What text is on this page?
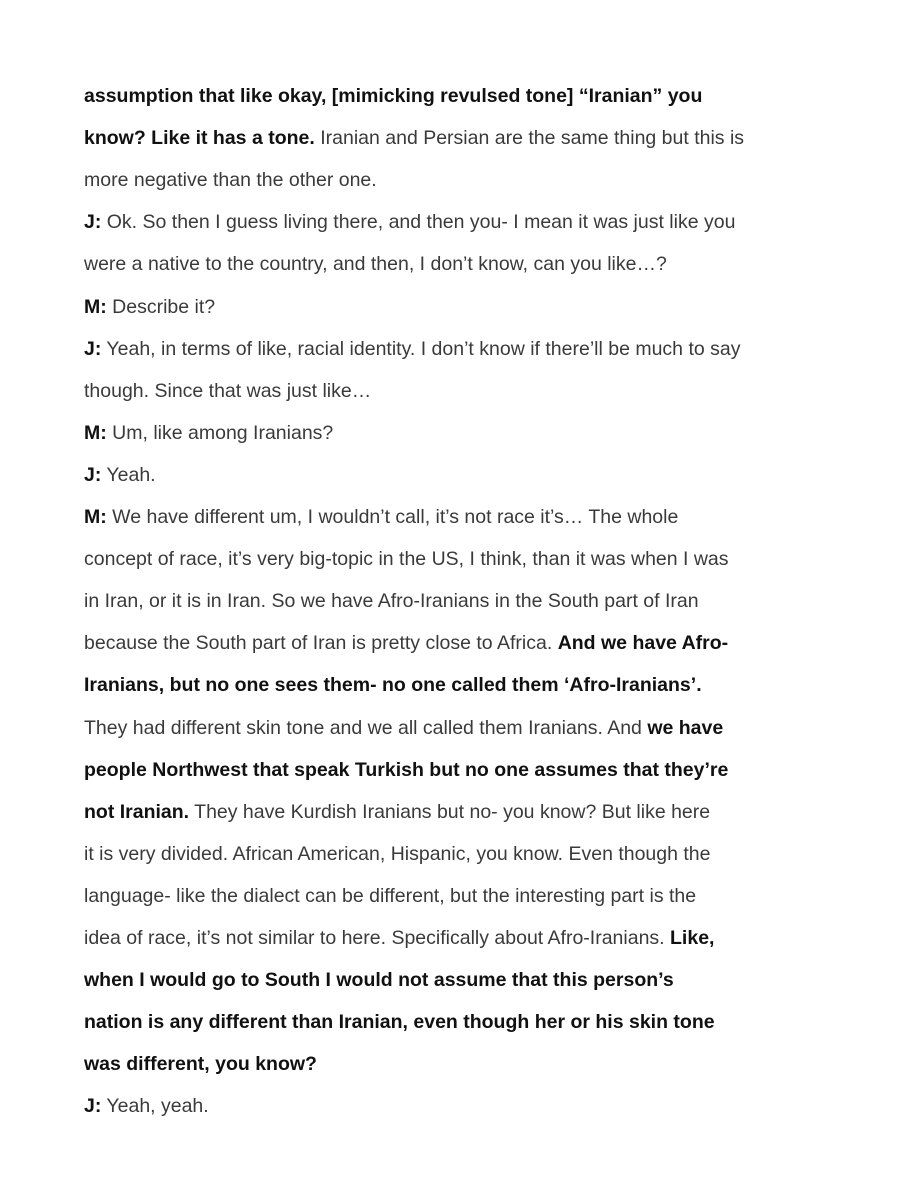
assumption that like okay, [mimicking revulsed tone] “Iranian” you
know? Like it has a tone. Iranian and Persian are the same thing but this is
more negative than the other one.
J: Ok. So then I guess living there, and then you- I mean it was just like you
were a native to the country, and then, I don’t know, can you like…?
M: Describe it?
J: Yeah, in terms of like, racial identity. I don’t know if there’ll be much to say
though. Since that was just like…
M: Um, like among Iranians?
J: Yeah.
M: We have different um, I wouldn’t call, it’s not race it’s… The whole
concept of race, it’s very big-topic in the US, I think, than it was when I was
in Iran, or it is in Iran. So we have Afro-Iranians in the South part of Iran
because the South part of Iran is pretty close to Africa. And we have Afro-
Iranians, but no one sees them- no one called them ‘Afro-Iranians’.
They had different skin tone and we all called them Iranians. And we have
people Northwest that speak Turkish but no one assumes that they’re
not Iranian. They have Kurdish Iranians but no- you know? But like here
it is very divided. African American, Hispanic, you know. Even though the
language- like the dialect can be different, but the interesting part is the
idea of race, it’s not similar to here. Specifically about Afro-Iranians. Like,
when I would go to South I would not assume that this person’s
nation is any different than Iranian, even though her or his skin tone
was different, you know?
J: Yeah, yeah.
